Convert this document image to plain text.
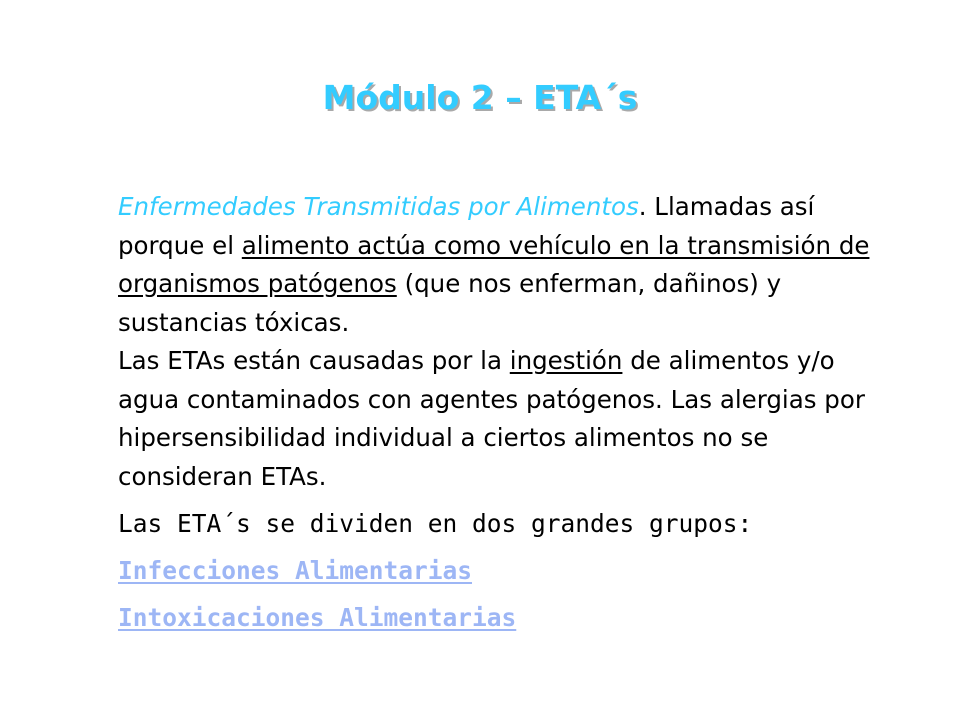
Módulo 2 – ETA´s

Enfermedades Transmitidas por Alimentos. Llamadas así porque el alimento actúa como vehículo en la transmisión de organismos patógenos (que nos enferman, dañinos) y sustancias tóxicas.
Las ETAs están causadas por la ingestión de alimentos y/o agua contaminados con agentes patógenos. Las alergias por hipersensibilidad individual a ciertos alimentos no se consideran ETAs.

Las ETA´s se dividen en dos grandes grupos:

Infecciones Alimentarias
Intoxicaciones Alimentarias
